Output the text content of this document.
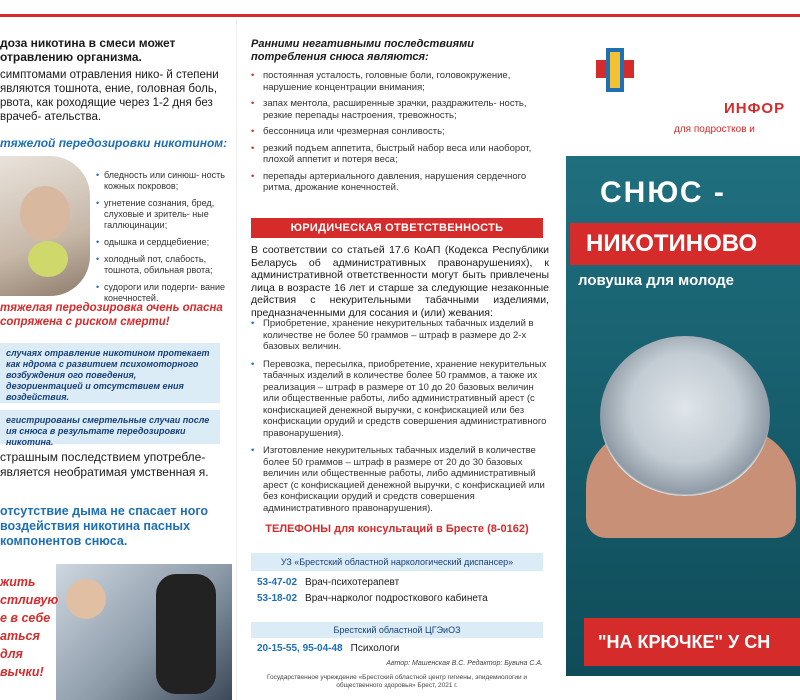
доза никотина в смеси может отравлению организма.
симптомами отравления нико‑ й степени являются тошнота, ение, головная боль, рвота, как роходящие через 1-2 дня без врачеб‑ ательства.
тяжелой передозировки никотином:
• бледность или синюш‑ ность кожных покровов;
• угнетение сознания, бред, слуховые и зритель‑ ные галлюцинации;
• одышка и сердцебиение;
• холодный пот, слабость, тошнота, обильная рвота;
• судороги или подерги‑ вание конечностей.
тяжелая передозировка очень опасна сопряжена с риском смерти!
случаях отравление никотином протекает как ндрома с развитием психомоторного возбуждения ого поведения, дезориентацией и отсутствием ения воздействия.
егистрированы смертельные случаи после ия снюса в результате передозировки никотина.
страшным последствием употребле‑ является необратимая умственная я.
отсутствие дыма не спасает ного воздействия никотина пасных компонентов снюса.
жить стливую е в себе аться для вычки!
Ранними негативными последствиями потребления снюса являются:
• постоянная усталость, головные боли, головокружение, нарушение концентрации внимания;
• запах ментола, расширенные зрачки, раздражитель‑ ность, резкие перепады настроения, тревожность;
• бессонница или чрезмерная сонливость;
• резкий подъем аппетита, быстрый набор веса или наоборот, плохой аппетит и потеря веса;
• перепады артериального давления, нарушения сердечного ритма, дрожание конечностей.
ЮРИДИЧЕСКАЯ ОТВЕТСТВЕННОСТЬ
В соответствии со статьей 17.6 КоАП (Кодекса Республики Беларусь об административных правонарушениях), к административной ответственности могут быть привлечены лица в возрасте 16 лет и старше за следующие незаконные действия с некурительными табачными изделиями, предназначенными для сосания и (или) жевания:
• Приобретение, хранение некурительных табачных изделий в количестве не более 50 граммов – штраф в размере до 2-х базовых величин.
• Перевозка, пересылка, приобретение, хранение некурительных табачных изделий в количестве более 50 граммов, а также их реализация – штраф в размере от 10 до 20 базовых величин или общественные работы, либо административный арест (с конфискацией денежной выручки, с конфискацией или без конфискации орудий и средств совершения административного правонарушения).
• Изготовление некурительных табачных изделий в количестве более 50 граммов – штраф в размере от 20 до 30 базовых величин или общественные работы, либо административный арест (с конфискацией денежной выручки, с конфискацией или без конфискации орудий и средств совершения административного правонарушения).
ТЕЛЕФОНЫ для консультаций в Бресте (8-0162)
УЗ «Брестский областной наркологический диспансер»
53-47-02 Врач-психотерапевт
53-18-02 Врач-нарколог подросткового кабинета
Брестский областной ЦГЭиОЗ
20-15-55, 95-04-48 Психологи
Автор: Машенская В.С. Редактор: Бувина С.А.
Государственное учреждение «Брестский областной центр гигиены, эпидемиологии и общественного здоровья» Брест, 2021 г.
ИНФОР
для подростков и
СНЮС -
НИКОТИНОВО
ловушка для молоде
"НА КРЮЧКЕ" У СН
